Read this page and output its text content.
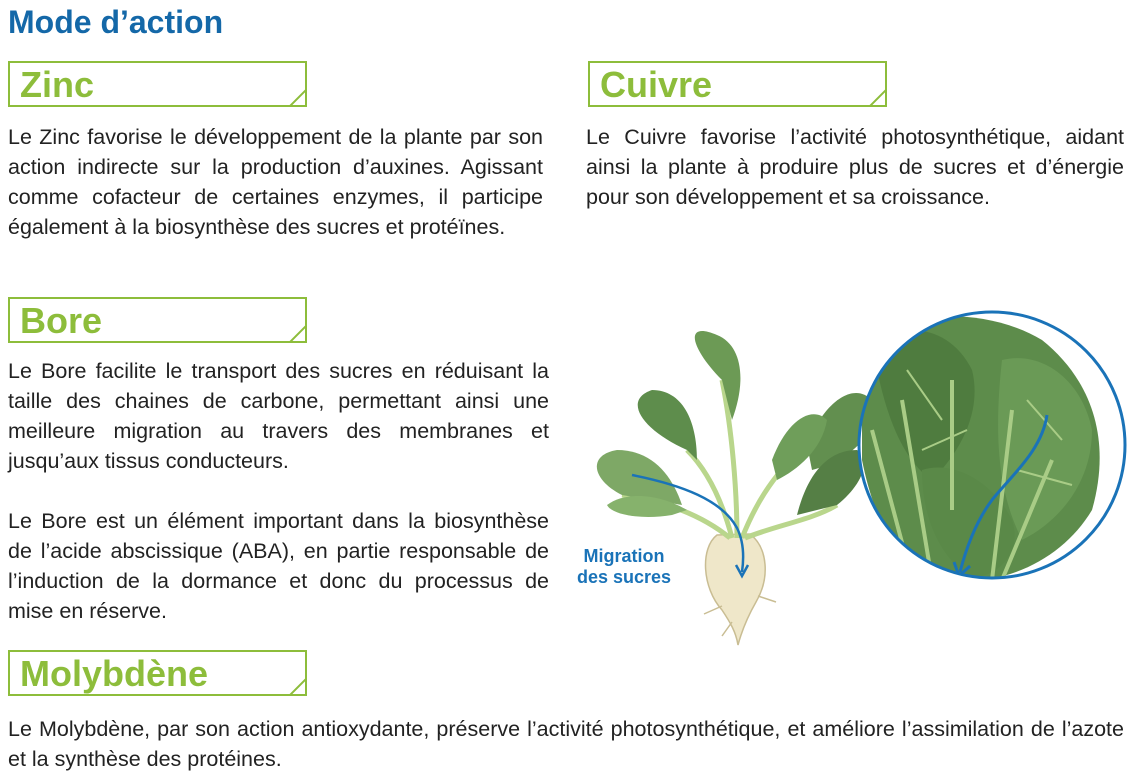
Mode d’action
Zinc

Le Zinc favorise le développement de la plante par son action indirecte sur la production d’auxines. Agissant comme cofacteur de certaines enzymes, il participe également à la biosynthèse des sucres et protéïnes.

Cuivre

Le Cuivre favorise l’activité photosynthétique, aidant ainsi la plante à produire plus de sucres et d’énergie pour son développement et sa croissance.

Bore

Le Bore facilite le transport des sucres en réduisant la taille des chaines de carbone, permettant ainsi une meilleure migration au travers des membranes et jusqu’aux tissus conducteurs.

Le Bore est un élément important dans la biosynthèse de l’acide abscissique (ABA), en partie responsable de l’induction de la dormance et donc du processus de mise en réserve.

Molybdène

Le Molybdène, par son action antioxydante, préserve l’activité photosynthétique, et améliore l’assimilation de l’azote et la synthèse des protéines.

Migration
des sucres
